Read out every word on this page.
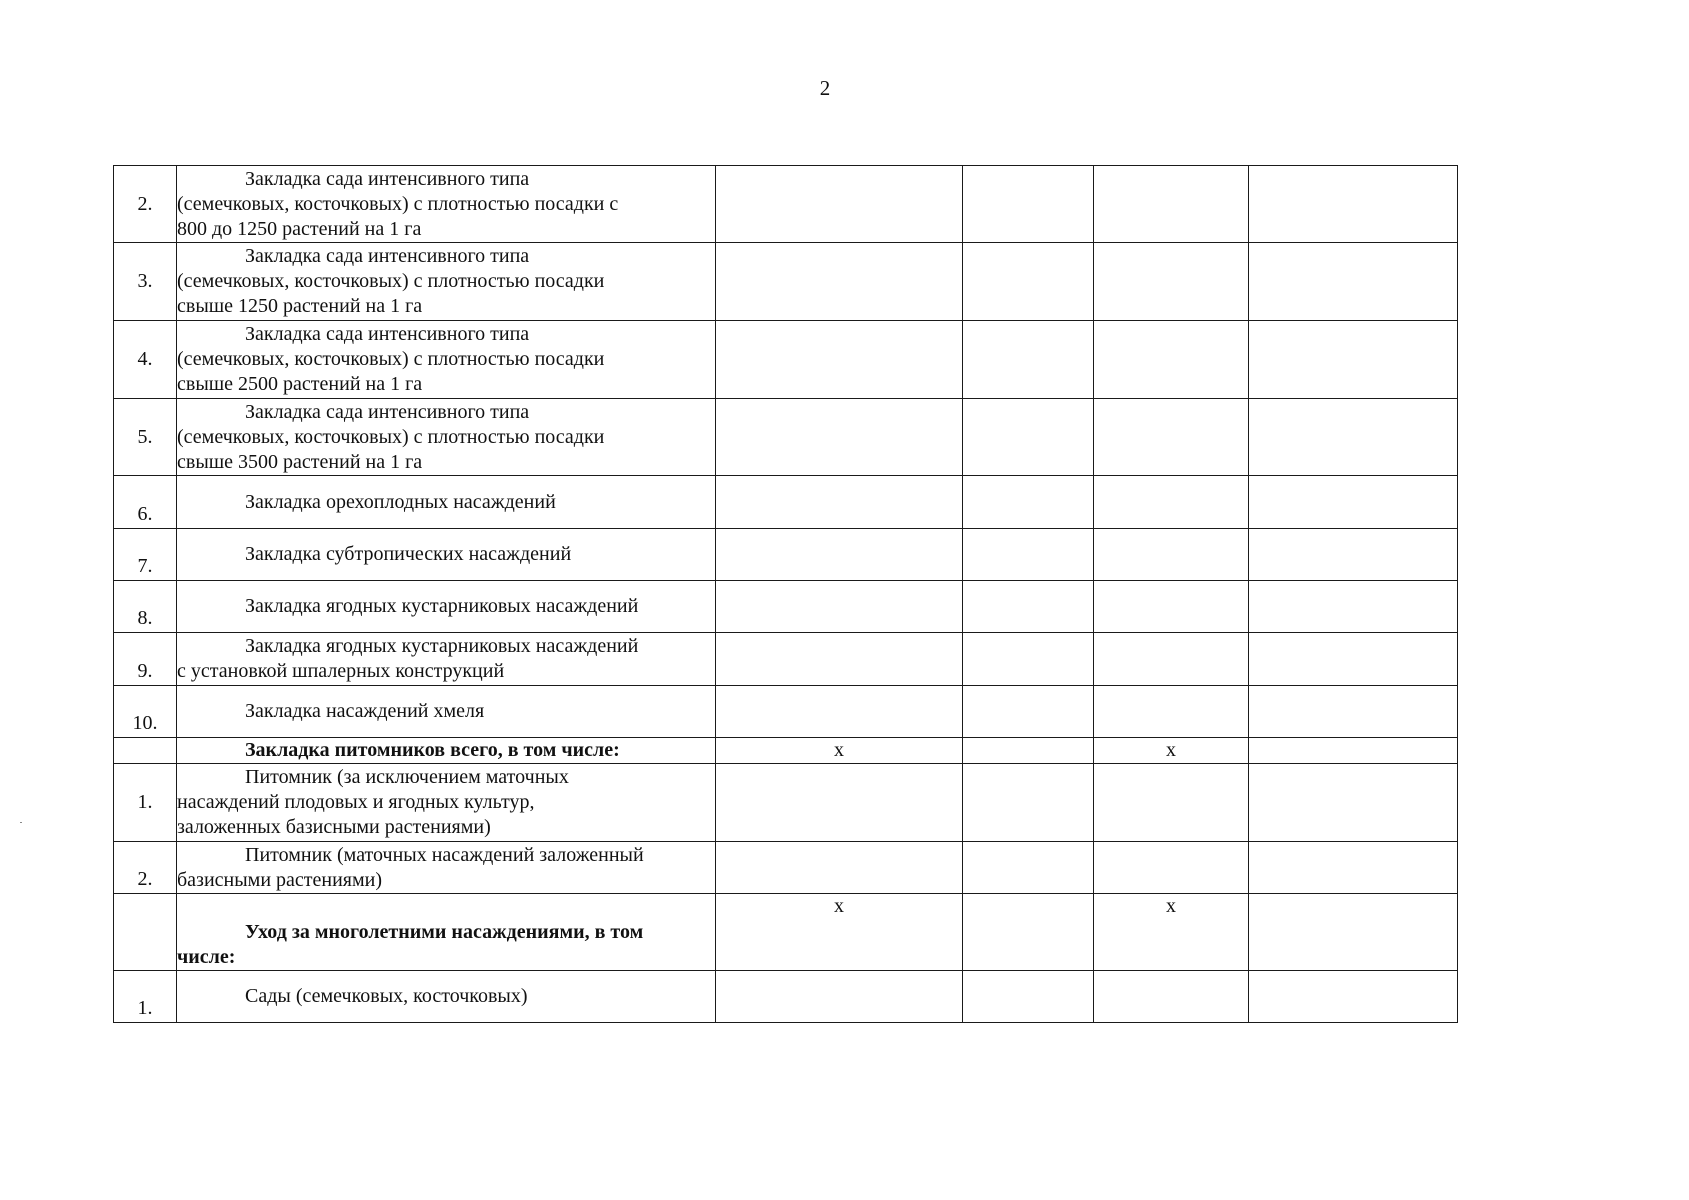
2
2.	Закладка сада интенсивного типа
(семечковых, косточковых) с плотностью посадки с
800 до 1250 растений на 1 га				

3.	Закладка сада интенсивного типа
(семечковых, косточковых) с плотностью посадки
свыше 1250 растений на 1 га				

4.	Закладка сада интенсивного типа
(семечковых, косточковых) с плотностью посадки
свыше 2500 растений на 1 га				

5.	Закладка сада интенсивного типа
(семечковых, косточковых) с плотностью посадки
свыше 3500 растений на 1 га				

6.	Закладка орехоплодных насаждений				

7.	Закладка субтропических насаждений				

8.	Закладка ягодных кустарниковых насаждений				

9.	Закладка ягодных кустарниковых насаждений
с установкой шпалерных конструкций				

10.	Закладка насаждений хмеля				

	Закладка питомников всего, в том числе:	х		х	
1.	Питомник (за исключением маточных
насаждений плодовых и ягодных культур,
заложенных базисными растениями)				

2.	Питомник (маточных насаждений заложенный
базисными растениями)				

	Уход за многолетними насаждениями, в том
числе:	х		х	
1.	Сады (семечковых, косточковых)				
